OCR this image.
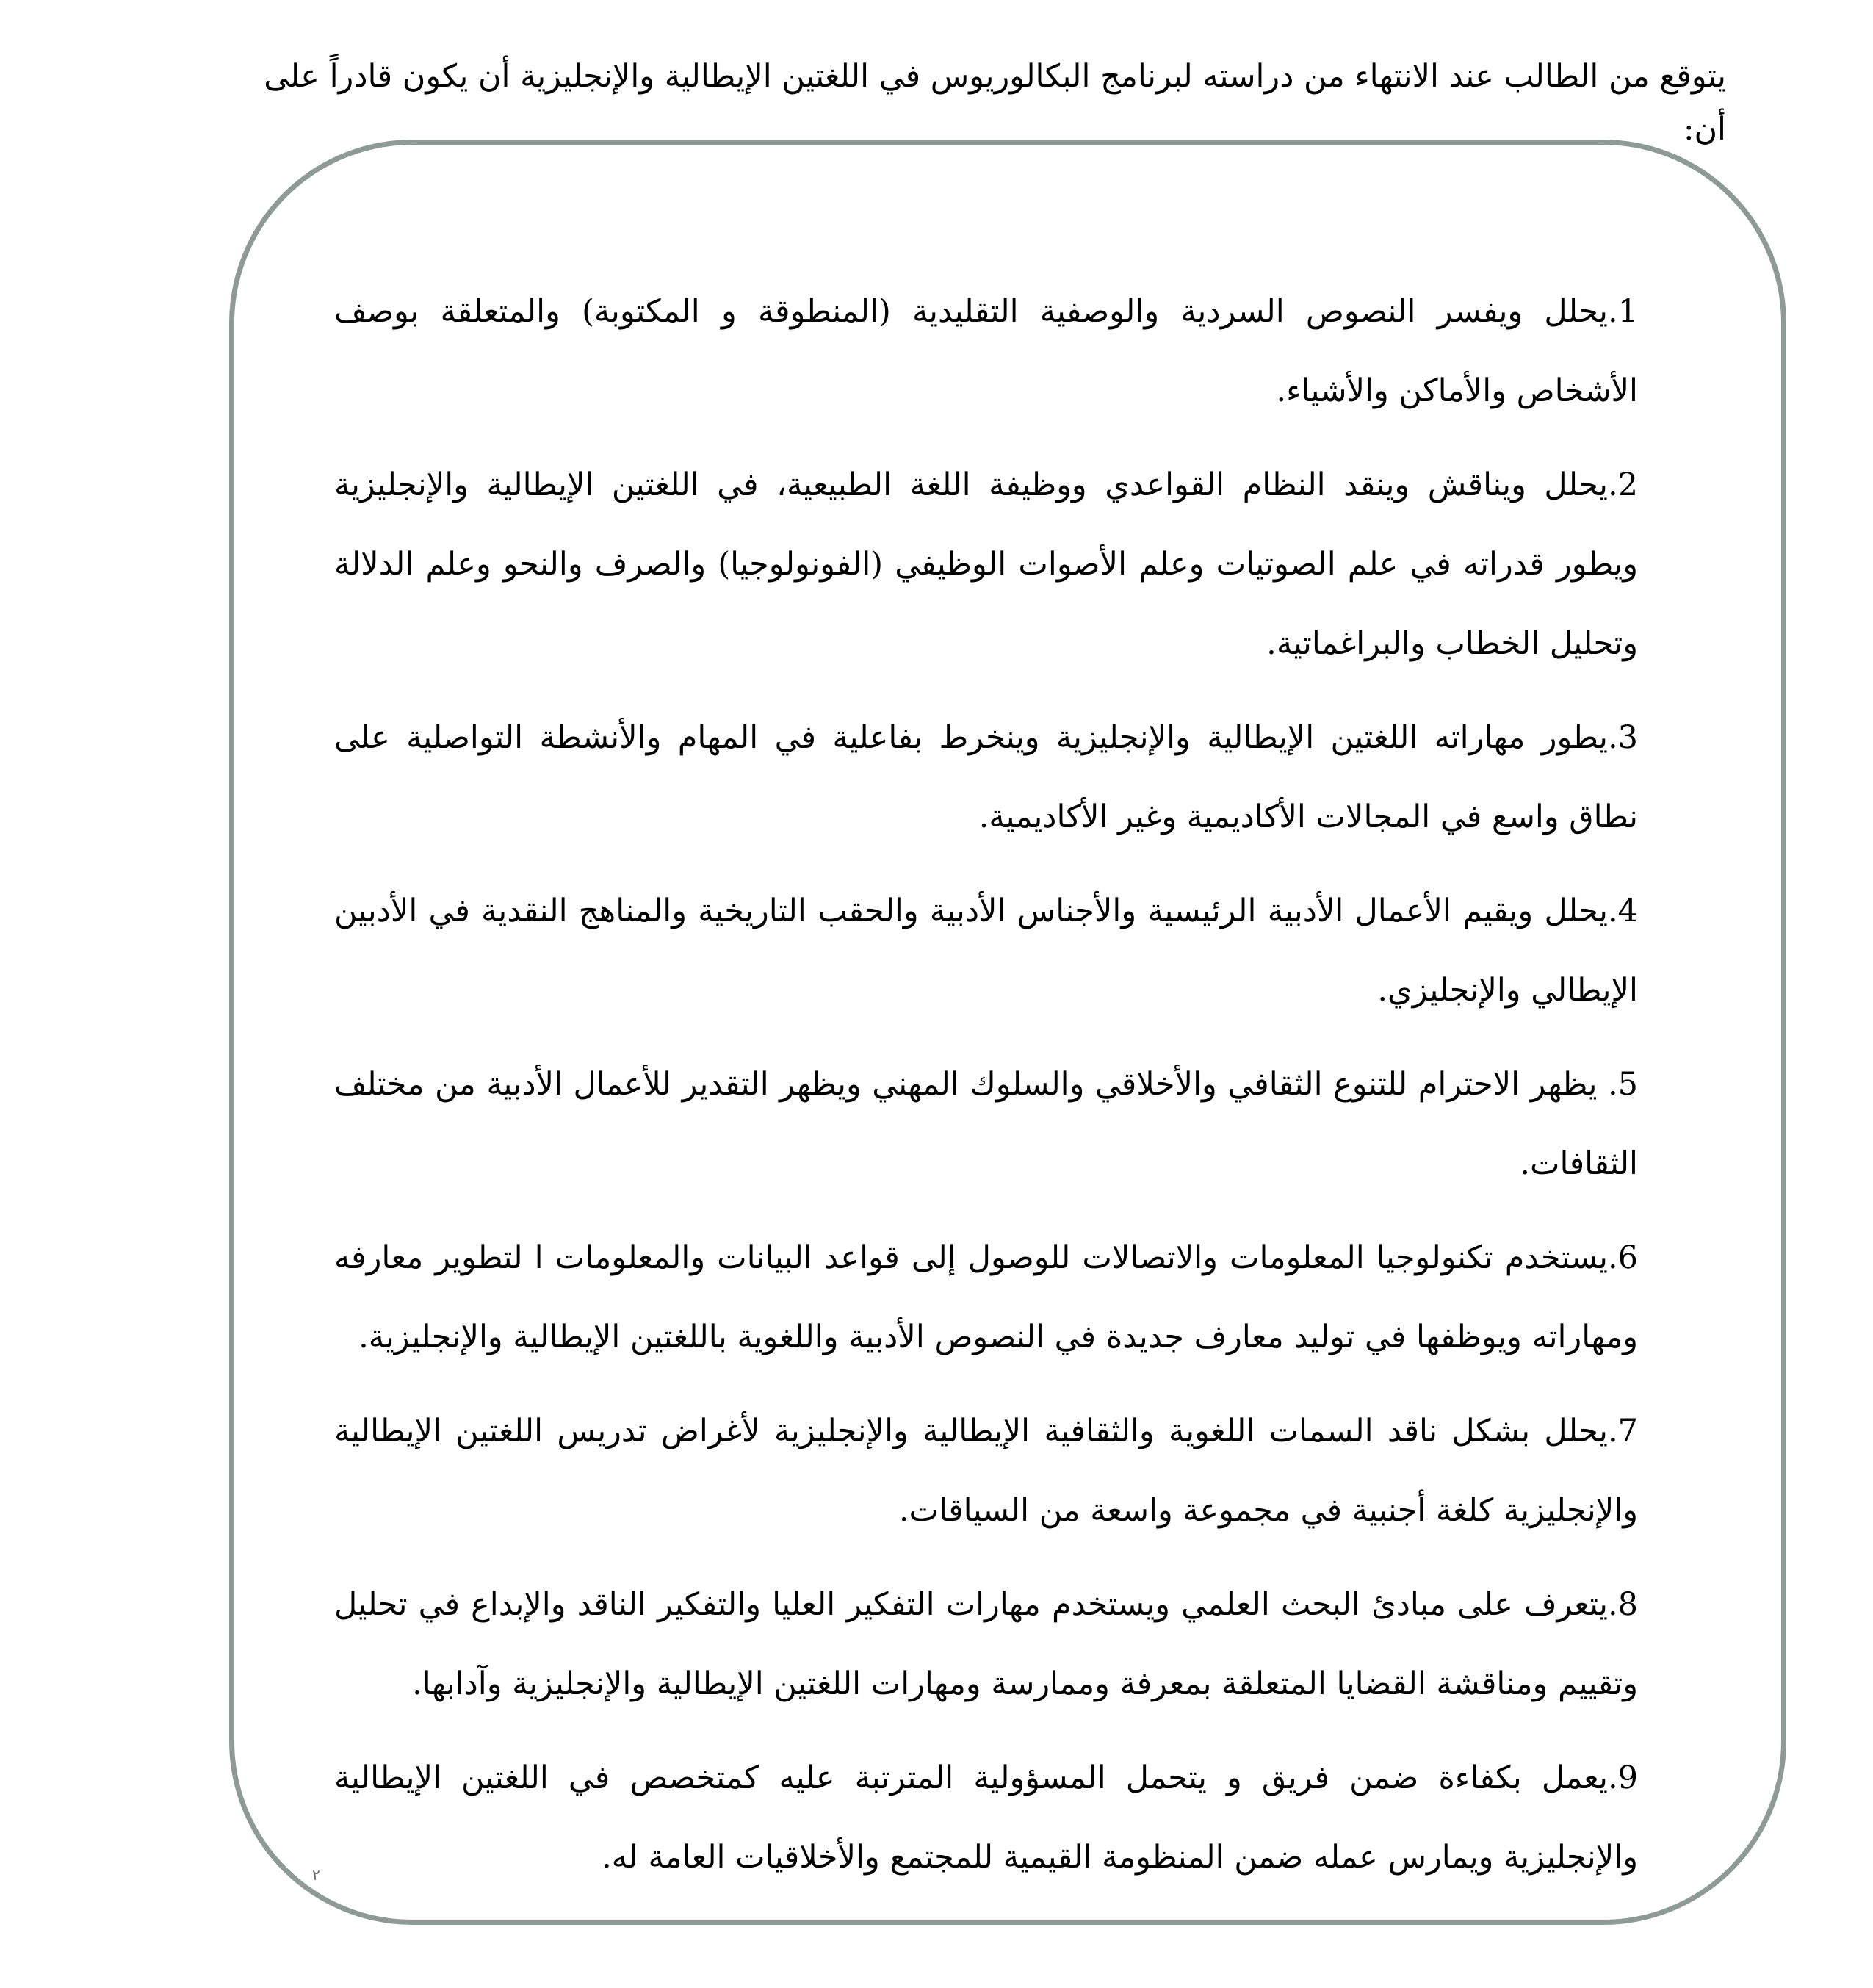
يتوقع من الطالب عند الانتهاء من دراسته لبرنامج البكالوريوس في اللغتين الإيطالية والإنجليزية أن يكون قادراً على أن:

1.يحلل ويفسر النصوص السردية والوصفية التقليدية (المنطوقة و المكتوبة) والمتعلقة بوصف الأشخاص والأماكن والأشياء.
2.يحلل ويناقش وينقد النظام القواعدي ووظيفة اللغة الطبيعية، في اللغتين الإيطالية والإنجليزية ويطور قدراته في علم الصوتيات وعلم الأصوات الوظيفي (الفونولوجيا) والصرف والنحو وعلم الدلالة وتحليل الخطاب والبراغماتية.
3.يطور مهاراته اللغتين الإيطالية والإنجليزية وينخرط بفاعلية في المهام والأنشطة التواصلية على نطاق واسع في المجالات الأكاديمية وغير الأكاديمية.
4.يحلل ويقيم الأعمال الأدبية الرئيسية والأجناس الأدبية والحقب التاريخية والمناهج النقدية في الأدبين الإيطالي والإنجليزي.
5. يظهر الاحترام للتنوع الثقافي والأخلاقي والسلوك المهني ويظهر التقدير للأعمال الأدبية من مختلف الثقافات.
6.يستخدم تكنولوجيا المعلومات والاتصالات للوصول إلى قواعد البيانات والمعلومات ا لتطوير معارفه ومهاراته ويوظفها في توليد معارف جديدة في النصوص الأدبية واللغوية باللغتين الإيطالية والإنجليزية.
7.يحلل بشكل ناقد السمات اللغوية والثقافية الإيطالية والإنجليزية لأغراض تدريس اللغتين الإيطالية والإنجليزية كلغة أجنبية في مجموعة واسعة من السياقات.
8.يتعرف على مبادئ البحث العلمي ويستخدم مهارات التفكير العليا والتفكير الناقد والإبداع في تحليل وتقييم ومناقشة القضايا المتعلقة بمعرفة وممارسة ومهارات اللغتين الإيطالية والإنجليزية وآدابها.
9.يعمل بكفاءة ضمن فريق و يتحمل المسؤولية المترتبة عليه كمتخصص في اللغتين الإيطالية والإنجليزية ويمارس عمله ضمن المنظومة القيمية للمجتمع والأخلاقيات العامة له.
٢
